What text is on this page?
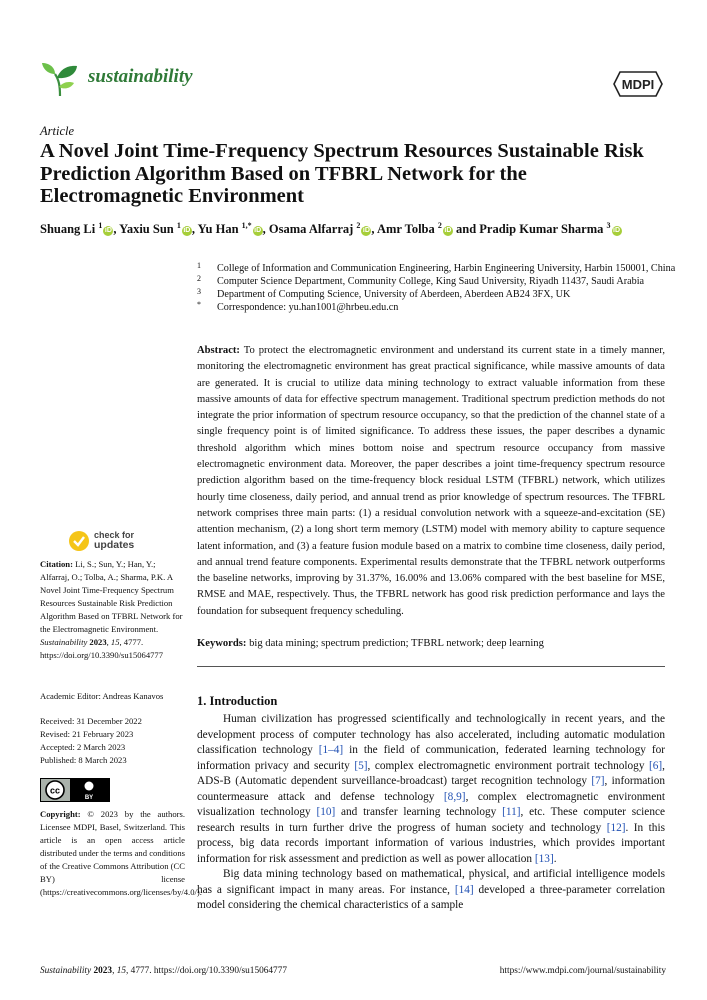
sustainability	MDPI
Article
A Novel Joint Time-Frequency Spectrum Resources Sustainable Risk Prediction Algorithm Based on TFBRL Network for the Electromagnetic Environment
Shuang Li $^1$iD , Yaxiu Sun $^1$iD , Yu Han $^{1,*}$iD , Osama Alfarraj $^2$iD , Amr Tolba $^2$iD and Pradip Kumar Sharma $^3$iD
1 College of Information and Communication Engineering, Harbin Engineering University, Harbin 150001, China
2 Computer Science Department, Community College, King Saud University, Riyadh 11437, Saudi Arabia
3 Department of Computing Science, University of Aberdeen, Aberdeen AB24 3FX, UK
* Correspondence: yu.han1001@hrbeu.edu.cn
Abstract: To protect the electromagnetic environment and understand its current state in a timely manner, monitoring the electromagnetic environment has great practical significance, while massive amounts of data are generated. It is crucial to utilize data mining technology to extract valuable information from these massive amounts of data for effective spectrum management. Traditional spectrum prediction methods do not integrate the prior information of spectrum resource occupancy, so that the prediction of the channel state of a single frequency point is of limited significance. To address these issues, the paper describes a dynamic threshold algorithm which mines bottom noise and spectrum resource occupancy from massive electromagnetic environment data. Moreover, the paper describes a joint time-frequency spectrum resource prediction algorithm based on the time-frequency block residual LSTM (TFBRL) network, which utilizes hourly time closeness, daily period, and annual trend as prior knowledge of spectrum resources. The TFBRL network comprises three main parts: (1) a residual convolution network with a squeeze-and-excitation (SE) attention mechanism, (2) a long short term memory (LSTM) model with memory ability to capture sequence latent information, and (3) a feature fusion module based on a matrix to combine time closeness, daily period, and annual trend feature components. Experimental results demonstrate that the TFBRL network outperforms the baseline networks, improving by 31.37%, 16.00% and 13.06% compared with the best baseline for MSE, RMSE and MAE, respectively. Thus, the TFBRL network has good risk prediction performance and lays the foundation for subsequent frequency scheduling.
Keywords: big data mining; spectrum prediction; TFBRL network; deep learning
1. Introduction

Human civilization has progressed scientifically and technologically in recent years, and the development process of computer technology has also accelerated, including automatic modulation classification technology [1–4] in the field of communication, federated learning technology for information privacy and security [5], complex electromagnetic environment portrait technology [6], ADS-B (Automatic dependent surveillance-broadcast) target recognition technology [7], information countermeasure attack and defense technology [8,9], complex electromagnetic environment visualization technology [10] and transfer learning technology [11], etc. These computer science research results in turn further drive the progress of human society and technology [12]. In this process, big data records important information of various industries, which provides important information for risk assessment and prediction as well as power allocation [13].

Big data mining technology based on mathematical, physical, and artificial intelligence models has a significant impact in many areas. For instance, [14] developed a three-parameter correlation model considering the chemical characteristics of a sample

check for
updates
Citation: Li, S.; Sun, Y.; Han, Y.; Alfarraj, O.; Tolba, A.; Sharma, P.K. A Novel Joint Time-Frequency Spectrum Resources Sustainable Risk Prediction Algorithm Based on TFBRL Network for the Electromagnetic Environment. Sustainability 2023, 15, 4777. https://doi.org/10.3390/su15064777
Academic Editor: Andreas Kanavos
Received: 31 December 2022
Revised: 21 February 2023
Accepted: 2 March 2023
Published: 8 March 2023
cc
BY
Copyright: © 2023 by the authors. Licensee MDPI, Basel, Switzerland. This article is an open access article distributed under the terms and conditions of the Creative Commons Attribution (CC BY) license (https://creativecommons.org/licenses/by/4.0/).
Sustainability 2023, 15, 4777. https://doi.org/10.3390/su15064777	https://www.mdpi.com/journal/sustainability
